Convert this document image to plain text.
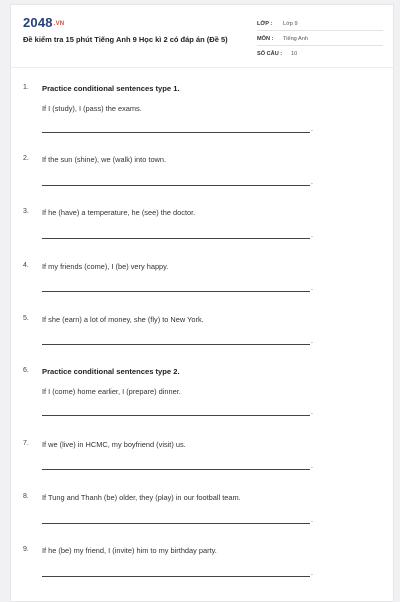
2048.VN
Đề kiểm tra 15 phút Tiếng Anh 9 Học kì 2 có đáp án (Đề 5)
LỚP : Lớp 9
MÔN : Tiếng Anh
SỐ CÂU : 10
1. Practice conditional sentences type 1.
If I (study), I (pass) the exams.
.
2. If the sun (shine), we (walk) into town.
.
3. If he (have) a temperature, he (see) the doctor.
.
4. If my friends (come), I (be) very happy.
.
5. If she (earn) a lot of money, she (fly) to New York.
.
6. Practice conditional sentences type 2.
If I (come) home earlier, I (prepare) dinner.
.
7. If we (live) in HCMC, my boyfriend (visit) us.
.
8. If Tung and Thanh (be) older, they (play) in our football team.
.
9. If he (be) my friend, I (invite) him to my birthday party.
.
